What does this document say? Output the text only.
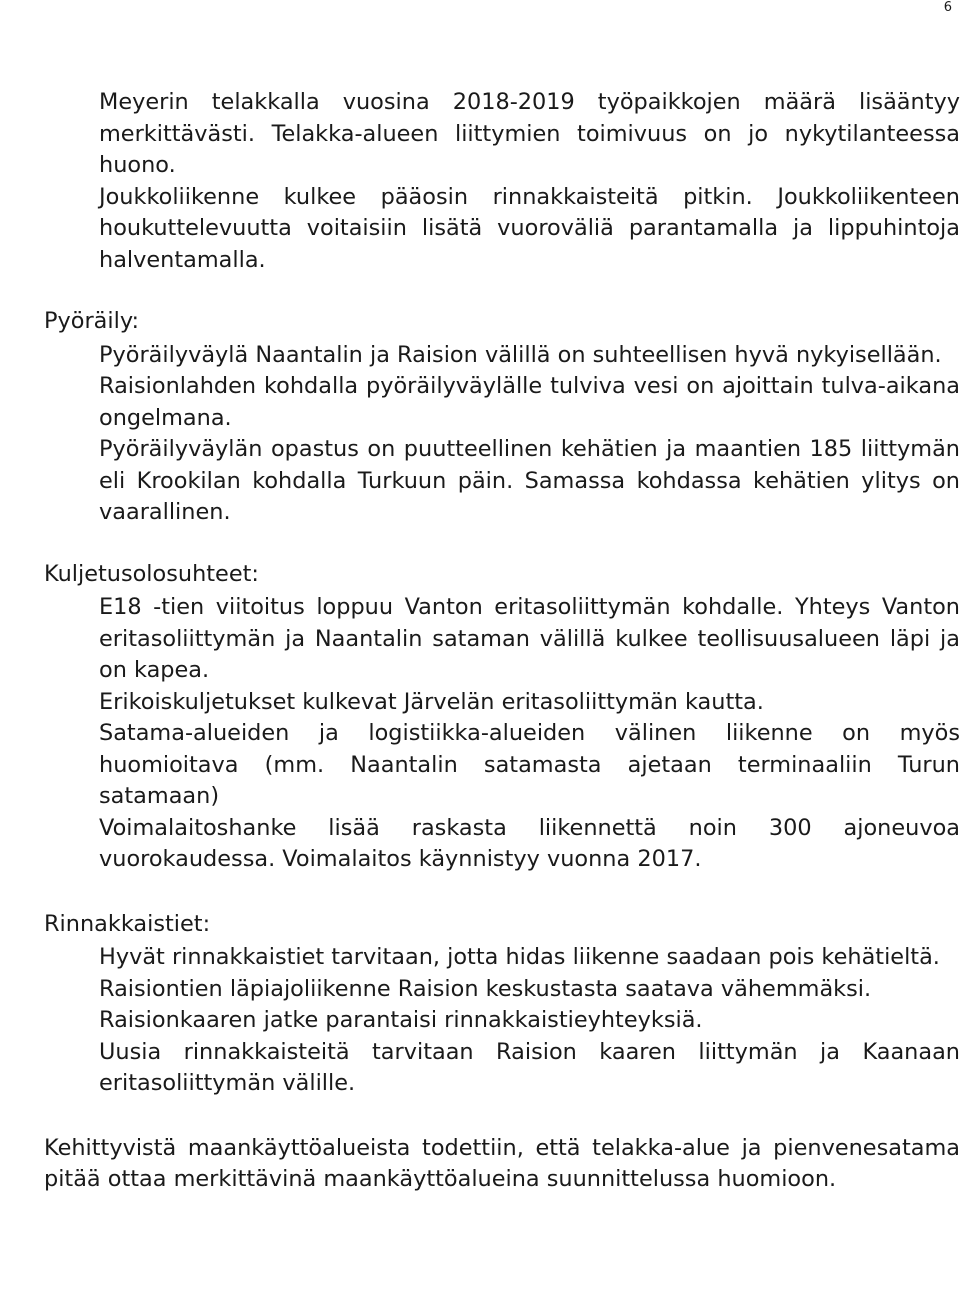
6
Meyerin telakkalla vuosina 2018-2019 työpaikkojen määrä lisääntyy merkittävästi. Telakka-alueen liittymien toimivuus on jo nykytilanteessa huono.
Joukkoliikenne kulkee pääosin rinnakkaisteitä pitkin. Joukkoliikenteen houkuttelevuutta voitaisiin lisätä vuoroväliä parantamalla ja lippuhintoja halventamalla.
Pyöräily:
Pyöräilyväylä Naantalin ja Raision välillä on suhteellisen hyvä nykyisellään.
Raisionlahden kohdalla pyöräilyväylälle tulviva vesi on ajoittain tulva-aikana ongelmana.
Pyöräilyväylän opastus on puutteellinen kehätien ja maantien 185 liittymän eli Krookilan kohdalla Turkuun päin. Samassa kohdassa kehätien ylitys on vaarallinen.
Kuljetusolosuhteet:
E18 -tien viitoitus loppuu Vanton eritasoliittymän kohdalle. Yhteys Vanton eritasoliittymän ja Naantalin sataman välillä kulkee teollisuusalueen läpi ja on kapea.
Erikoiskuljetukset kulkevat Järvelän eritasoliittymän kautta.
Satama-alueiden ja logistiikka-alueiden välinen liikenne on myös huomioitava (mm. Naantalin satamasta ajetaan terminaaliin Turun satamaan)
Voimalaitoshanke lisää raskasta liikennettä noin 300 ajoneuvoa vuorokaudessa. Voimalaitos käynnistyy vuonna 2017.
Rinnakkaistiet:
Hyvät rinnakkaistiet tarvitaan, jotta hidas liikenne saadaan pois kehätieltä.
Raisiontien läpiajoliikenne Raision keskustasta saatava vähemmäksi.
Raisionkaaren jatke parantaisi rinnakkaistieyhteyksiä.
Uusia rinnakkaisteitä tarvitaan Raision kaaren liittymän ja Kaanaan eritasoliittymän välille.
Kehittyvistä maankäyttöalueista todettiin, että telakka-alue ja pienvenesatama pitää ottaa merkittävinä maankäyttöalueina suunnittelussa huomioon.
